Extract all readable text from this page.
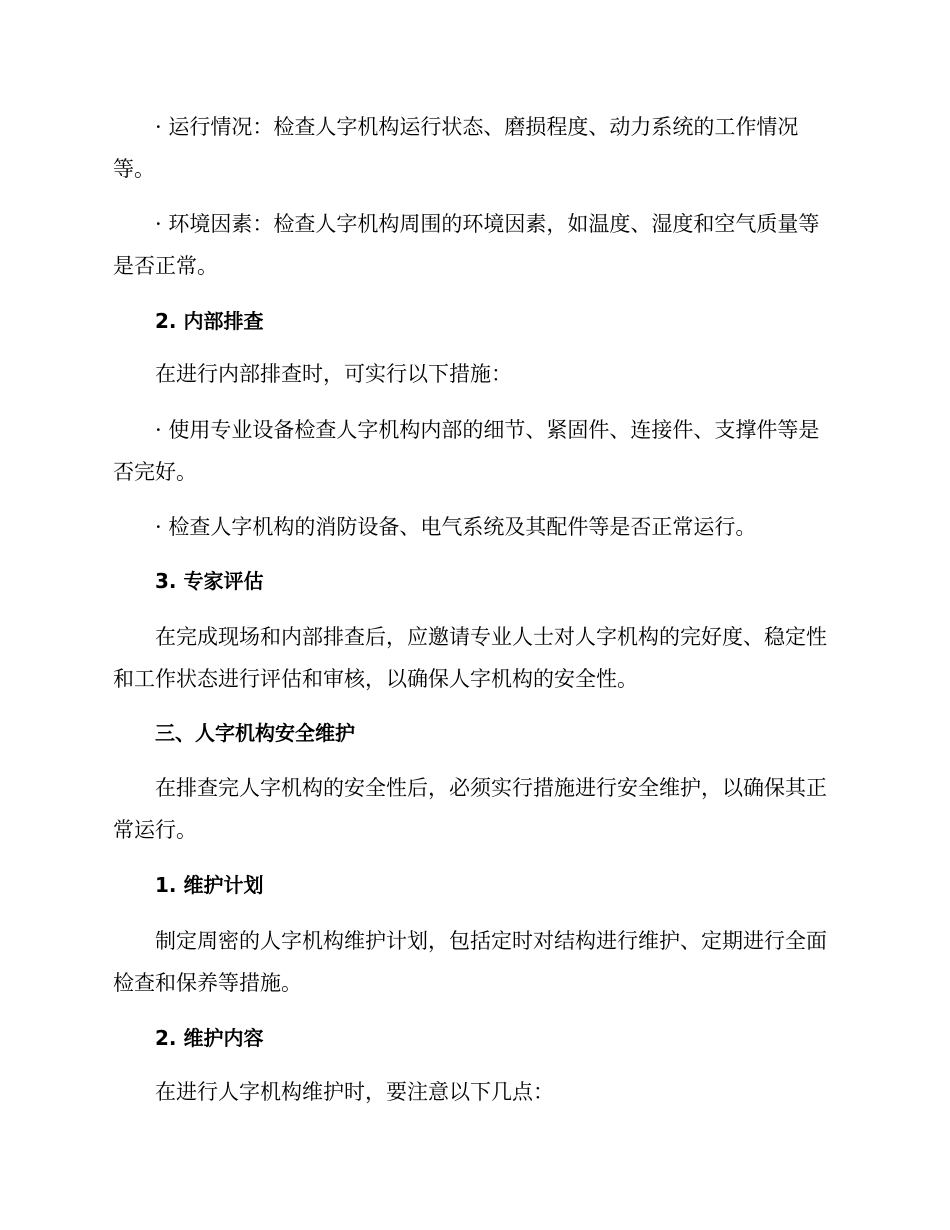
· 运行情况：检查人字机构运行状态、磨损程度、动力系统的工作情况等。

· 环境因素：检查人字机构周围的环境因素，如温度、湿度和空气质量等是否正常。

2. 内部排查

在进行内部排查时，可实行以下措施：

· 使用专业设备检查人字机构内部的细节、紧固件、连接件、支撑件等是否完好。

· 检查人字机构的消防设备、电气系统及其配件等是否正常运行。

3. 专家评估

在完成现场和内部排查后，应邀请专业人士对人字机构的完好度、稳定性和工作状态进行评估和审核，以确保人字机构的安全性。

三、人字机构安全维护

在排查完人字机构的安全性后，必须实行措施进行安全维护，以确保其正常运行。

1. 维护计划

制定周密的人字机构维护计划，包括定时对结构进行维护、定期进行全面检查和保养等措施。

2. 维护内容

在进行人字机构维护时，要注意以下几点：
